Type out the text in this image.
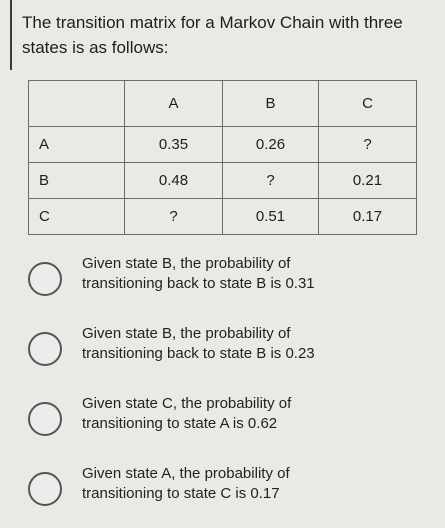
The transition matrix for a Markov Chain with three states is as follows:
	A	B	C
A	0.35	0.26	?
B	0.48	?	0.21
C	?	0.51	0.17
Given state B, the probability of transitioning back to state B is 0.31
Given state B, the probability of transitioning back to state B is 0.23
Given state C, the probability of transitioning to state A is 0.62
Given state A, the probability of transitioning to state C is 0.17
